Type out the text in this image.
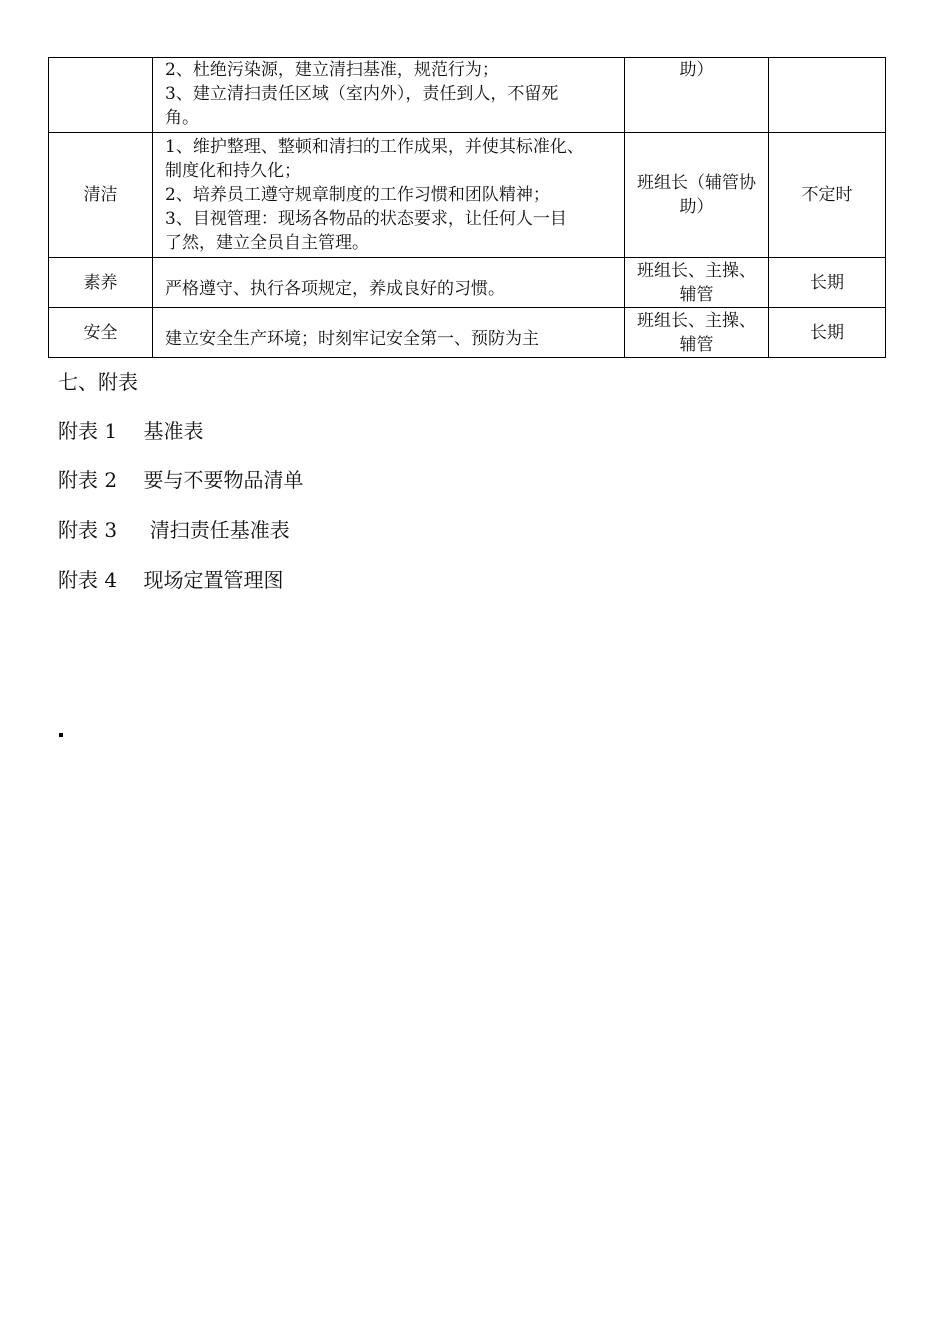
	2、杜绝污染源，建立清扫基准，规范行为；
3、建立清扫责任区域（室内外），责任到人，不留死
角。	助）	

清洁	1、维护整理、整顿和清扫的工作成果，并使其标准化、
制度化和持久化；
2、培养员工遵守规章制度的工作习惯和团队精神；
3、目视管理：现场各物品的状态要求，让任何人一目
了然，建立全员自主管理。	班组长（辅管协
助）	不定时
素养	严格遵守、执行各项规定，养成良好的习惯。	班组长、主操、
辅管	长期
安全	建立安全生产环境；时刻牢记安全第一、预防为主	班组长、主操、
辅管	长期
七、附表
附表 1　 基准表
附表 2　 要与不要物品清单
附表 3　  清扫责任基准表
附表 4　 现场定置管理图
